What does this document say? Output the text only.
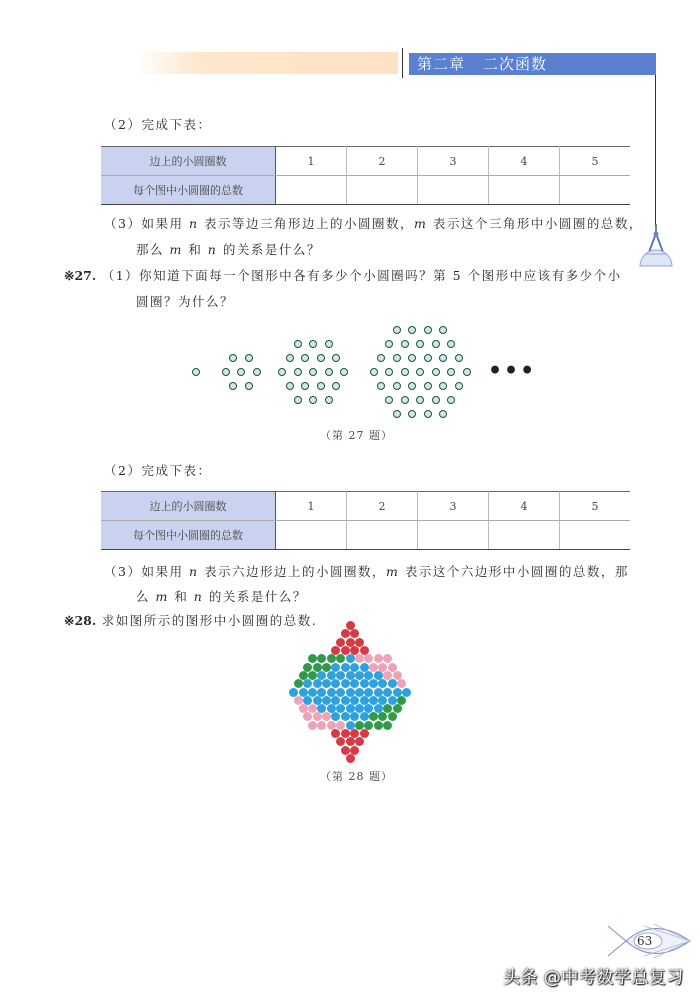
第二章 二次函数
（2）完成下表：
边上的小圆圈数	1	2	3	4	5
每个图中小圆圈的总数					
（3）如果用 n 表示等边三角形边上的小圆圈数，m 表示这个三角形中小圆圈的总数，
那么 m 和 n 的关系是什么？
※27. （1）你知道下面每一个图形中各有多少个小圆圈吗？第 5 个图形中应该有多少个小
圆圈？为什么？
•••
（第 27 题）
（2）完成下表：
边上的小圆圈数	1	2	3	4	5
每个图中小圆圈的总数					
（3）如果用 n 表示六边形边上的小圆圈数，m 表示这个六边形中小圆圈的总数，那
么 m 和 n 的关系是什么？
※28. 求如图所示的图形中小圆圈的总数.
（第 28 题）
63
头条 @中考数学总复习
